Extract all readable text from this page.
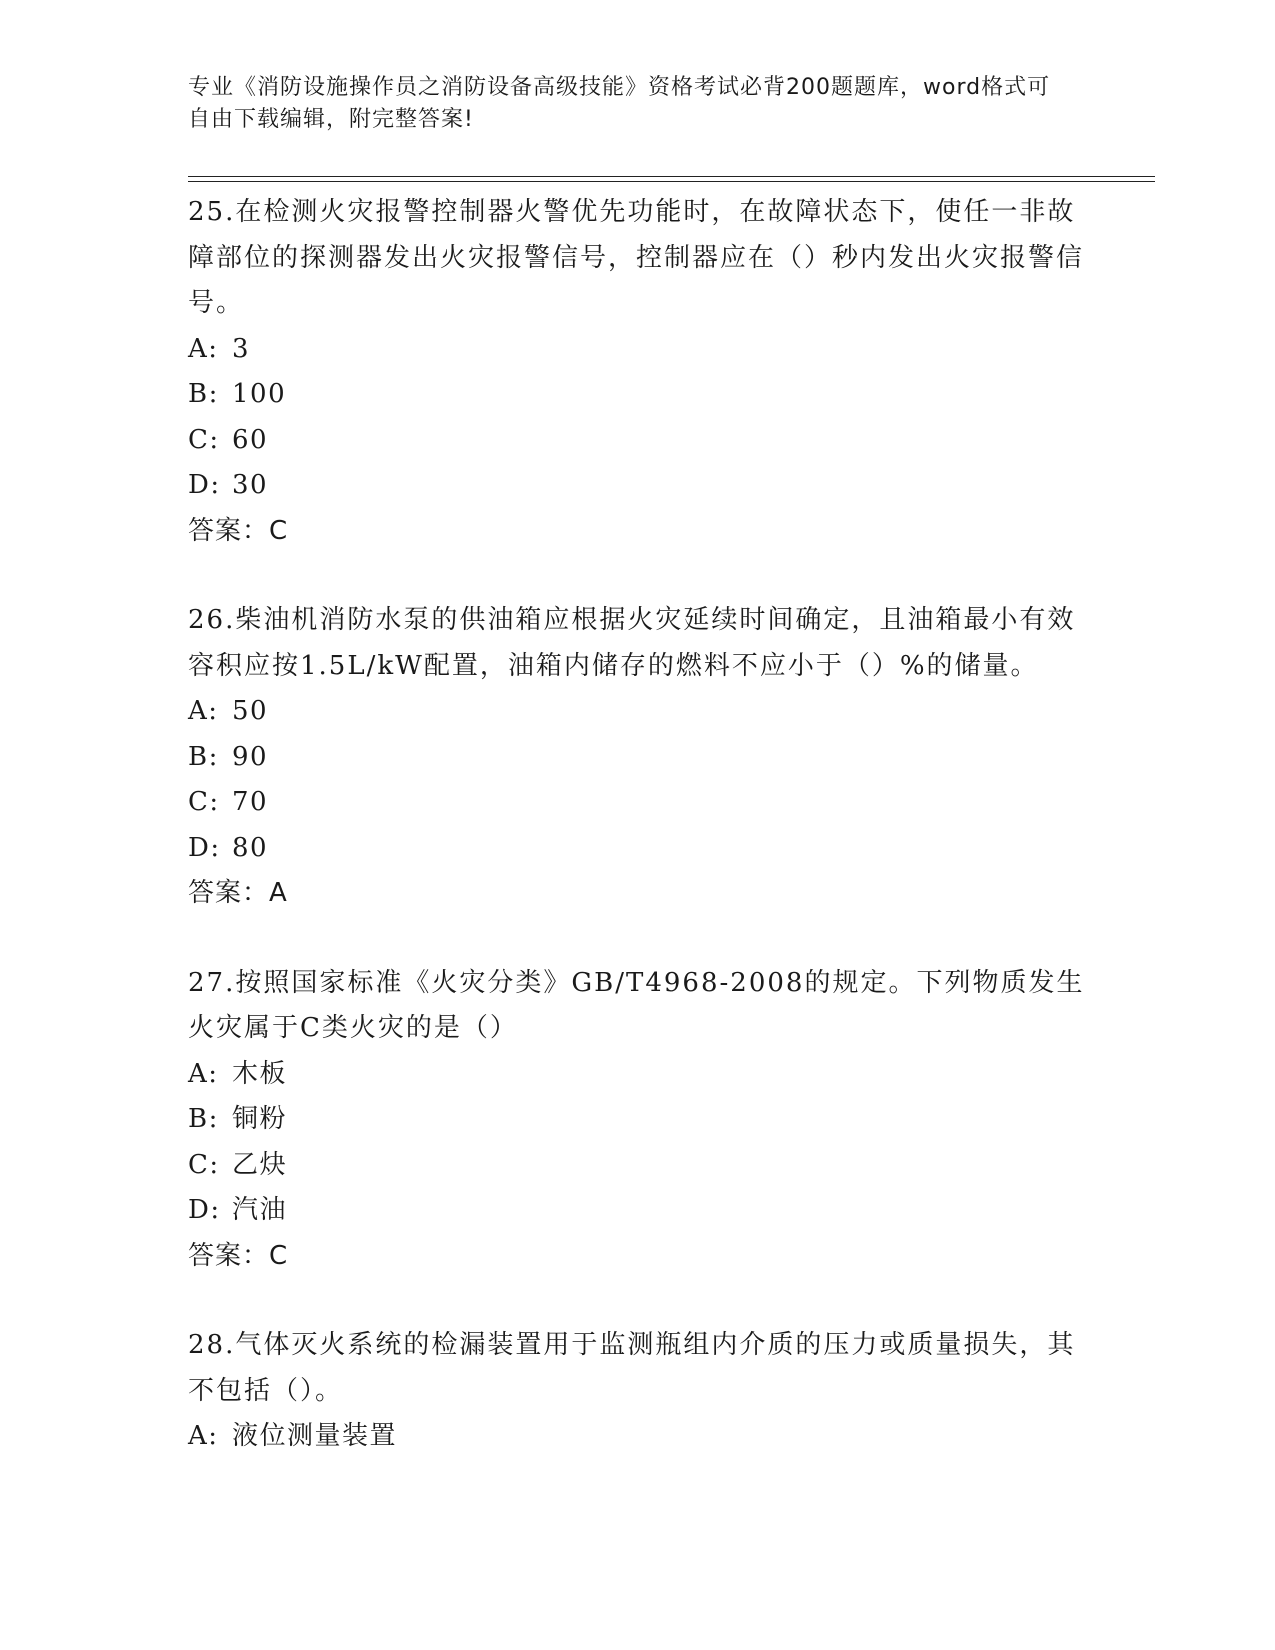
专业《消防设施操作员之消防设备高级技能》资格考试必背200题题库，word格式可自由下载编辑，附完整答案!

25.在检测火灾报警控制器火警优先功能时，在故障状态下，使任一非故障部位的探测器发出火灾报警信号，控制器应在（）秒内发出火灾报警信号。

A: 3

B: 100

C: 60

D: 30

答案：C

26.柴油机消防水泵的供油箱应根据火灾延续时间确定，且油箱最小有效容积应按1.5L/kW配置，油箱内储存的燃料不应小于（）%的储量。

A: 50

B: 90

C: 70

D: 80

答案：A

27.按照国家标准《火灾分类》GB/T4968-2008的规定。下列物质发生火灾属于C类火灾的是（）

A: 木板

B: 铜粉

C: 乙炔

D: 汽油

答案：C

28.气体灭火系统的检漏装置用于监测瓶组内介质的压力或质量损失，其不包括（）。

A: 液位测量装置
